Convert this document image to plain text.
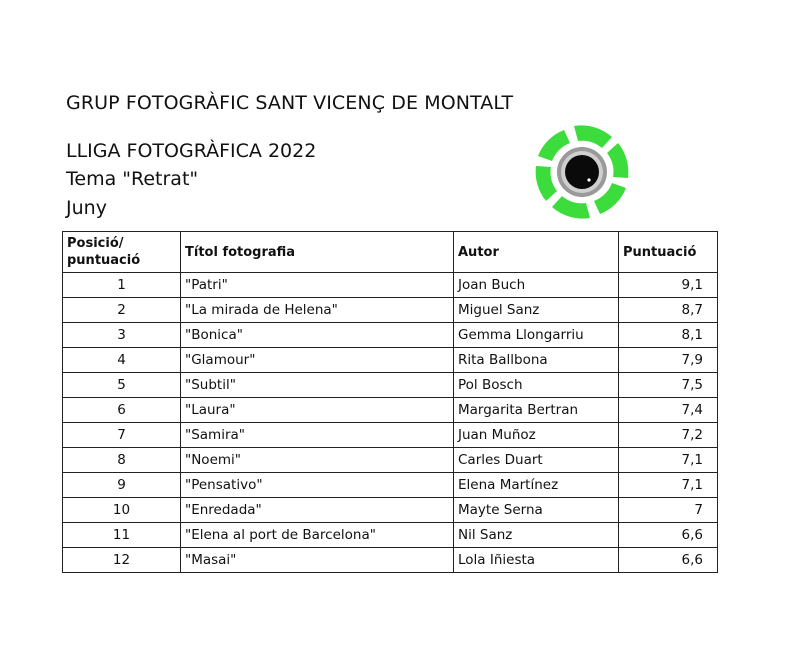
GRUP FOTOGRÀFIC SANT VICENÇ DE MONTALT
LLIGA FOTOGRÀFICA 2022
Tema "Retrat"
Juny
Posició/
puntuació	Títol fotografia	Autor	Puntuació
1	"Patri"	Joan Buch	9,1
2	"La mirada de Helena"	Miguel Sanz	8,7
3	"Bonica"	Gemma Llongarriu	8,1
4	"Glamour"	Rita Ballbona	7,9
5	"Subtil"	Pol Bosch	7,5
6	"Laura"	Margarita Bertran	7,4
7	"Samira"	Juan Muñoz	7,2
8	"Noemi"	Carles Duart	7,1
9	"Pensativo"	Elena Martínez	7,1
10	"Enredada"	Mayte Serna	7
11	"Elena al port de Barcelona"	Nil Sanz	6,6
12	"Masai"	Lola Iñiesta	6,6
